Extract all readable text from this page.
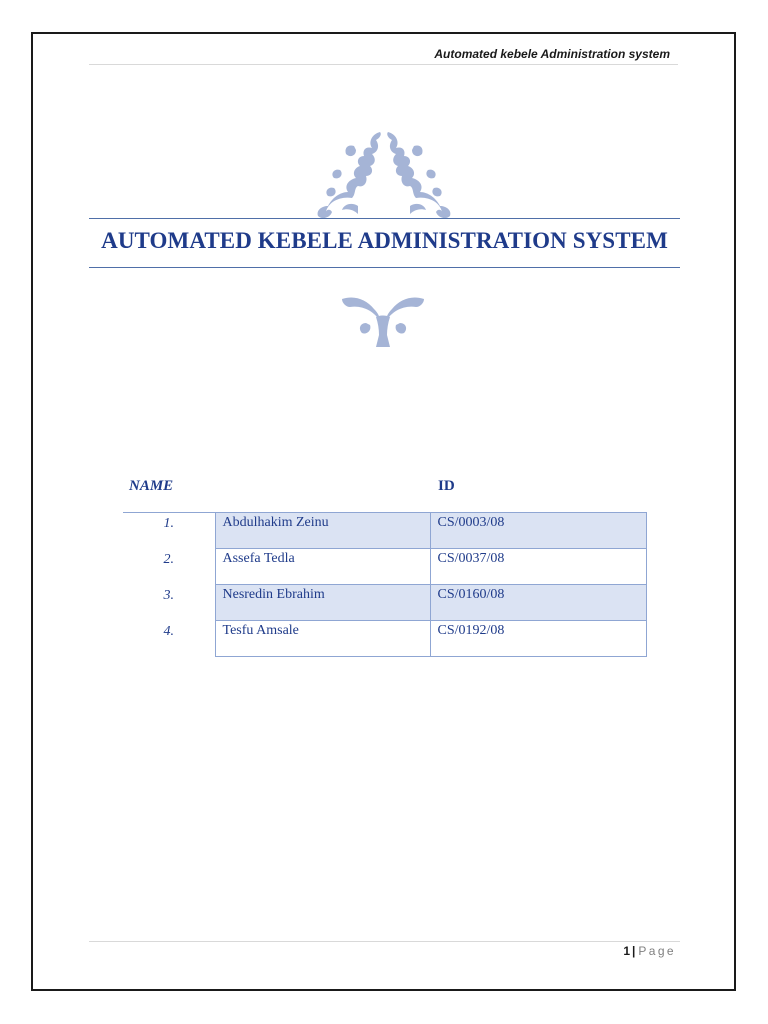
Automated kebele Administration system
AUTOMATED KEBELE ADMINISTRATION SYSTEM
NAME	ID
1.	Abdulhakim Zeinu	CS/0003/08
2.	Assefa Tedla	CS/0037/08
3.	Nesredin Ebrahim	CS/0160/08
4.	Tesfu Amsale	CS/0192/08
1 | Page
